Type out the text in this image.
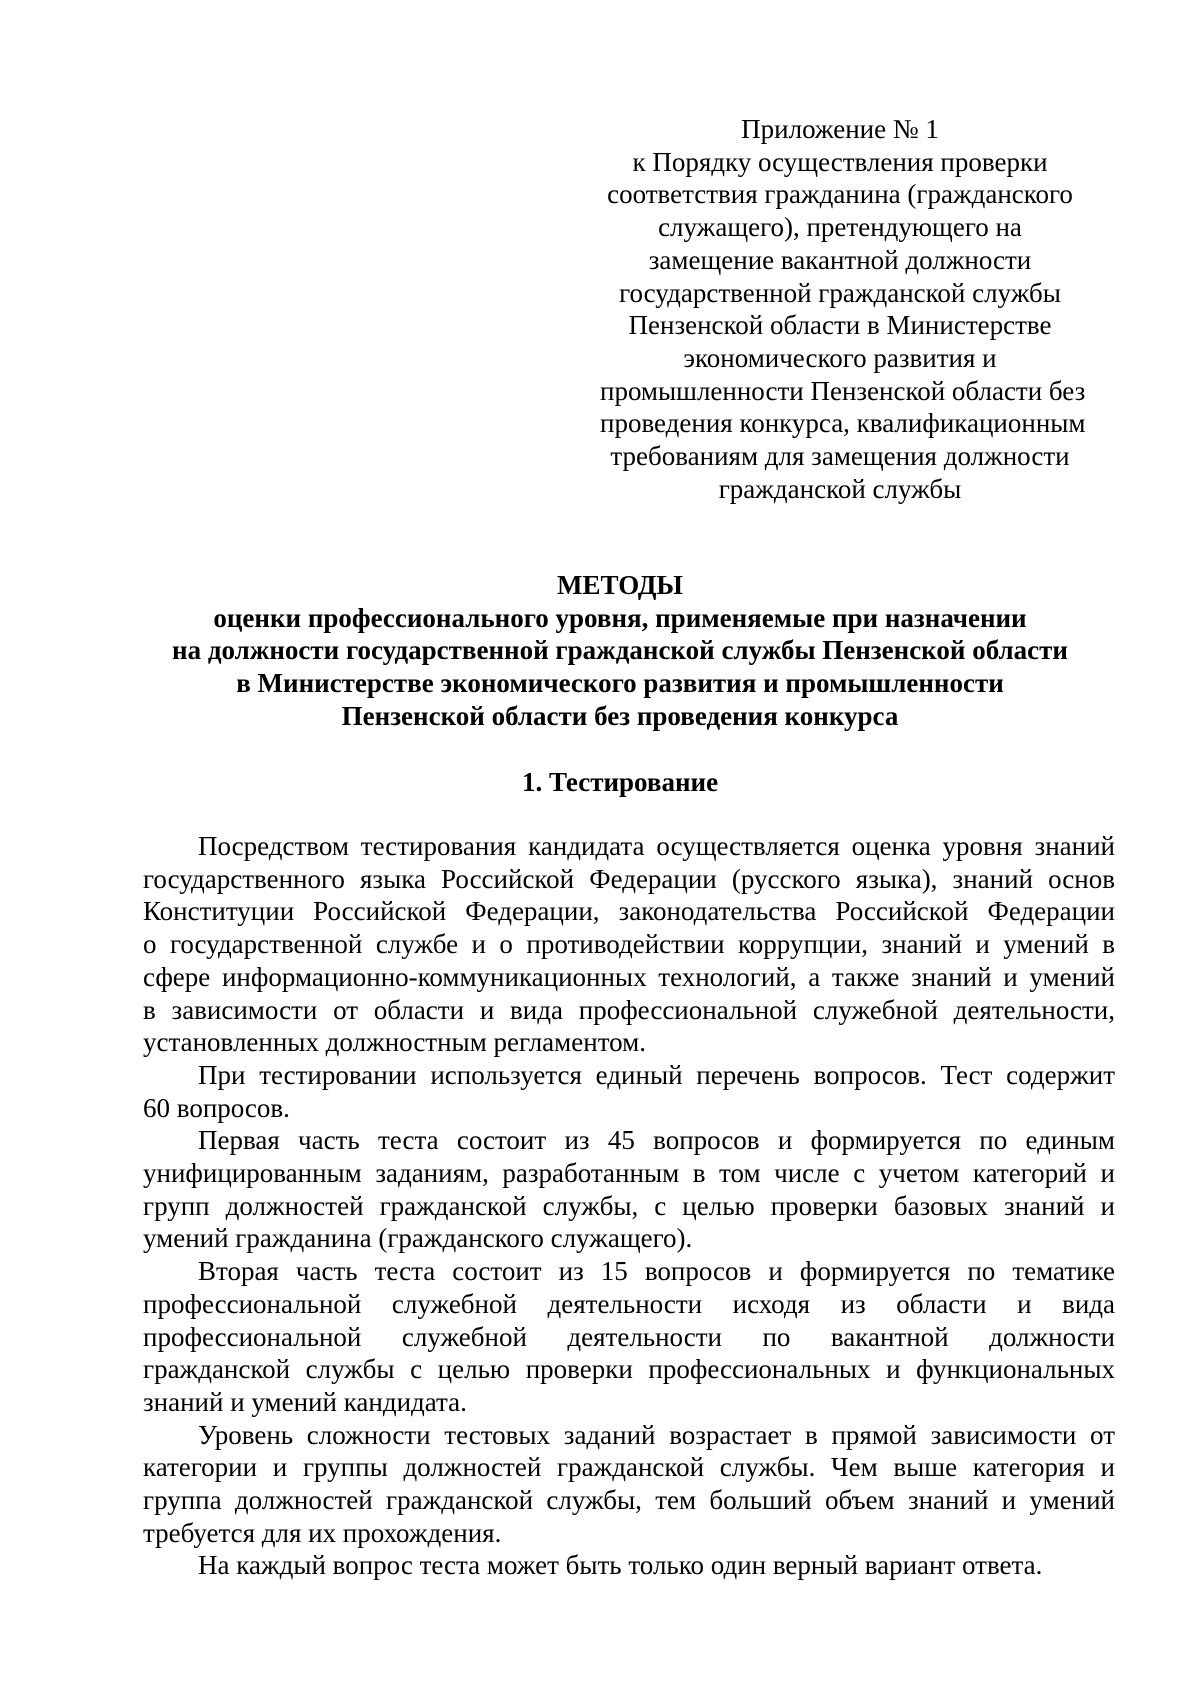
Приложение № 1
к Порядку осуществления проверки
соответствия гражданина (гражданского
служащего), претендующего на
замещение вакантной должности
государственной гражданской службы
Пензенской области в Министерстве
экономического развития и
промышленности Пензенской области без
проведения конкурса, квалификационным
требованиям для замещения должности
гражданской службы
МЕТОДЫ
оценки профессионального уровня, применяемые при назначении
на должности государственной гражданской службы Пензенской области
в Министерстве экономического развития и промышленности
Пензенской области без проведения конкурса
1. Тестирование
Посредством тестирования кандидата осуществляется оценка уровня знаний
государственного языка Российской Федерации (русского языка), знаний основ
Конституции Российской Федерации, законодательства Российской Федерации
о государственной службе и о противодействии коррупции, знаний и умений в
сфере информационно-коммуникационных технологий, а также знаний и умений
в зависимости от области и вида профессиональной служебной деятельности,
установленных должностным регламентом.
При тестировании используется единый перечень вопросов. Тест содержит
60 вопросов.
Первая часть теста состоит из 45 вопросов и формируется по единым
унифицированным заданиям, разработанным в том числе с учетом категорий и
групп должностей гражданской службы, с целью проверки базовых знаний и
умений гражданина (гражданского служащего).
Вторая часть теста состоит из 15 вопросов и формируется по тематике
профессиональной служебной деятельности исходя из области и вида
профессиональной служебной деятельности по вакантной должности
гражданской службы с целью проверки профессиональных и функциональных
знаний и умений кандидата.
Уровень сложности тестовых заданий возрастает в прямой зависимости от
категории и группы должностей гражданской службы. Чем выше категория и
группа должностей гражданской службы, тем больший объем знаний и умений
требуется для их прохождения.
На каждый вопрос теста может быть только один верный вариант ответа.
